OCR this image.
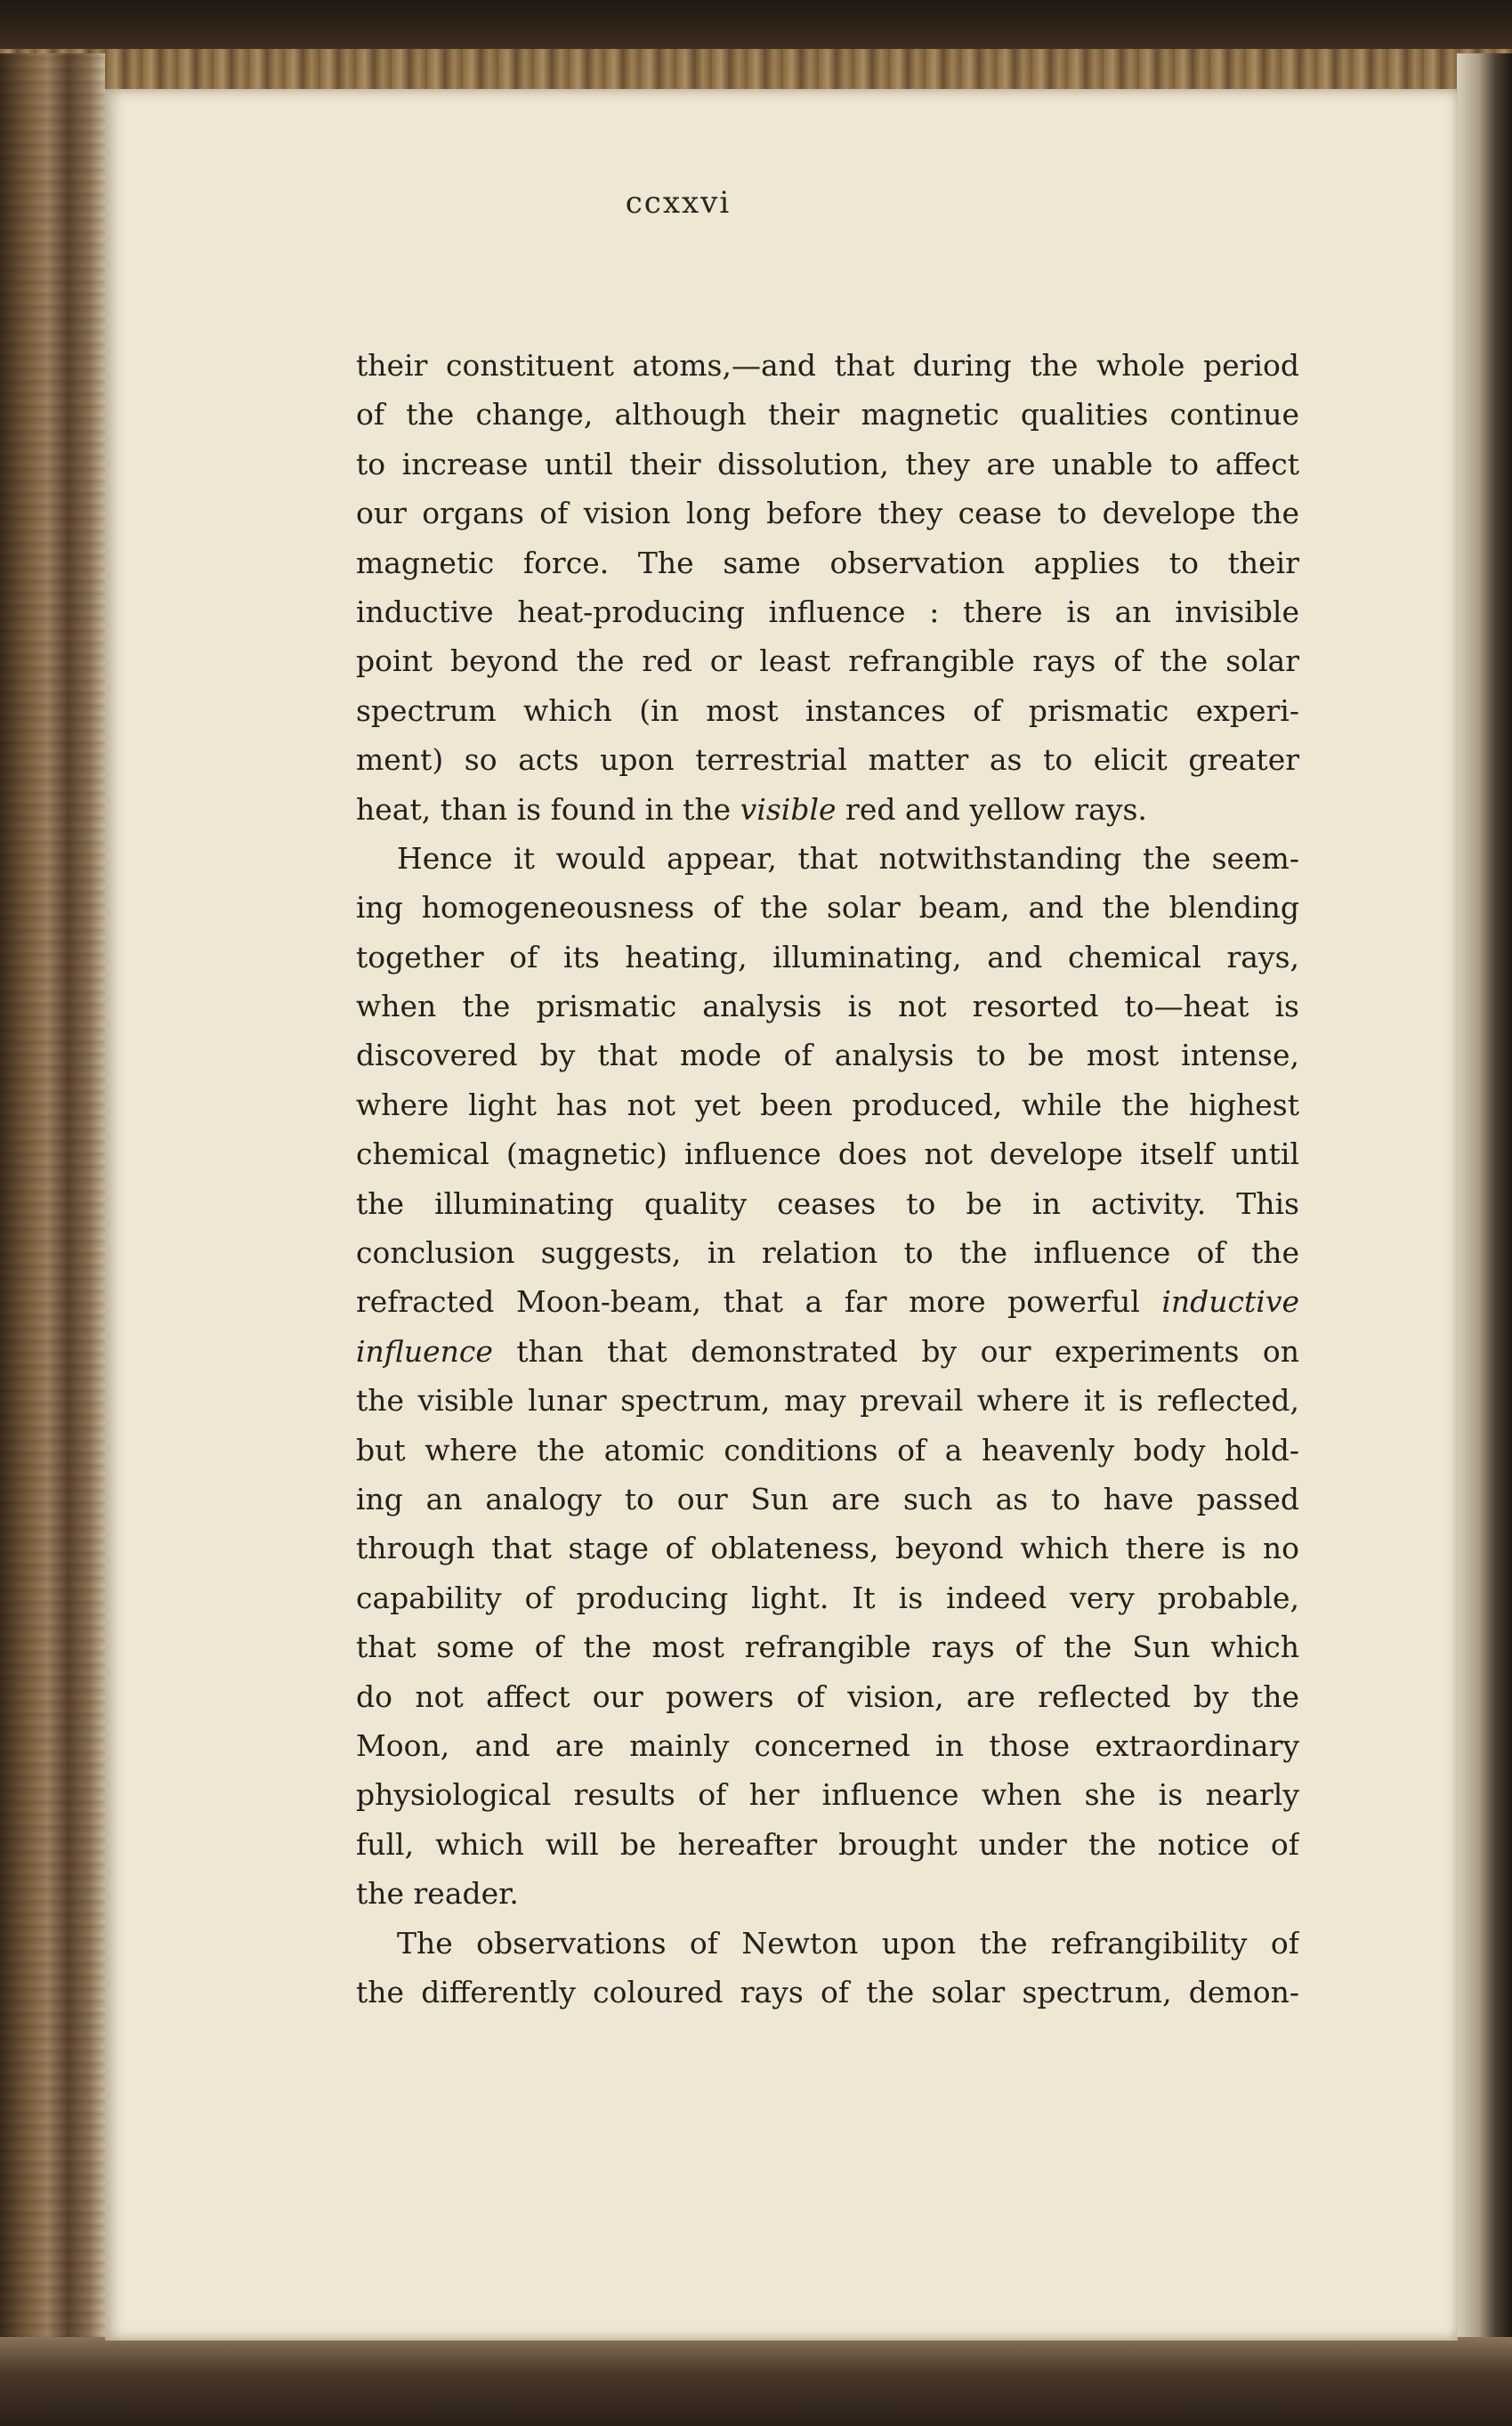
ccxxvi
their constituent atoms,—and that during the whole period
of the change, although their magnetic qualities continue
to increase until their dissolution, they are unable to affect
our organs of vision long before they cease to develope the
magnetic force. The same observation applies to their
inductive heat-producing influence : there is an invisible
point beyond the red or least refrangible rays of the solar
spectrum which (in most instances of prismatic experi-
ment) so acts upon terrestrial matter as to elicit greater
heat, than is found in the visible red and yellow rays.
Hence it would appear, that notwithstanding the seem-
ing homogeneousness of the solar beam, and the blending
together of its heating, illuminating, and chemical rays,
when the prismatic analysis is not resorted to—heat is
discovered by that mode of analysis to be most intense,
where light has not yet been produced, while the highest
chemical (magnetic) influence does not develope itself until
the illuminating quality ceases to be in activity. This
conclusion suggests, in relation to the influence of the
refracted Moon-beam, that a far more powerful inductive
influence than that demonstrated by our experiments on
the visible lunar spectrum, may prevail where it is reflected,
but where the atomic conditions of a heavenly body hold-
ing an analogy to our Sun are such as to have passed
through that stage of oblateness, beyond which there is no
capability of producing light. It is indeed very probable,
that some of the most refrangible rays of the Sun which
do not affect our powers of vision, are reflected by the
Moon, and are mainly concerned in those extraordinary
physiological results of her influence when she is nearly
full, which will be hereafter brought under the notice of
the reader.
The observations of Newton upon the refrangibility of
the differently coloured rays of the solar spectrum, demon-
